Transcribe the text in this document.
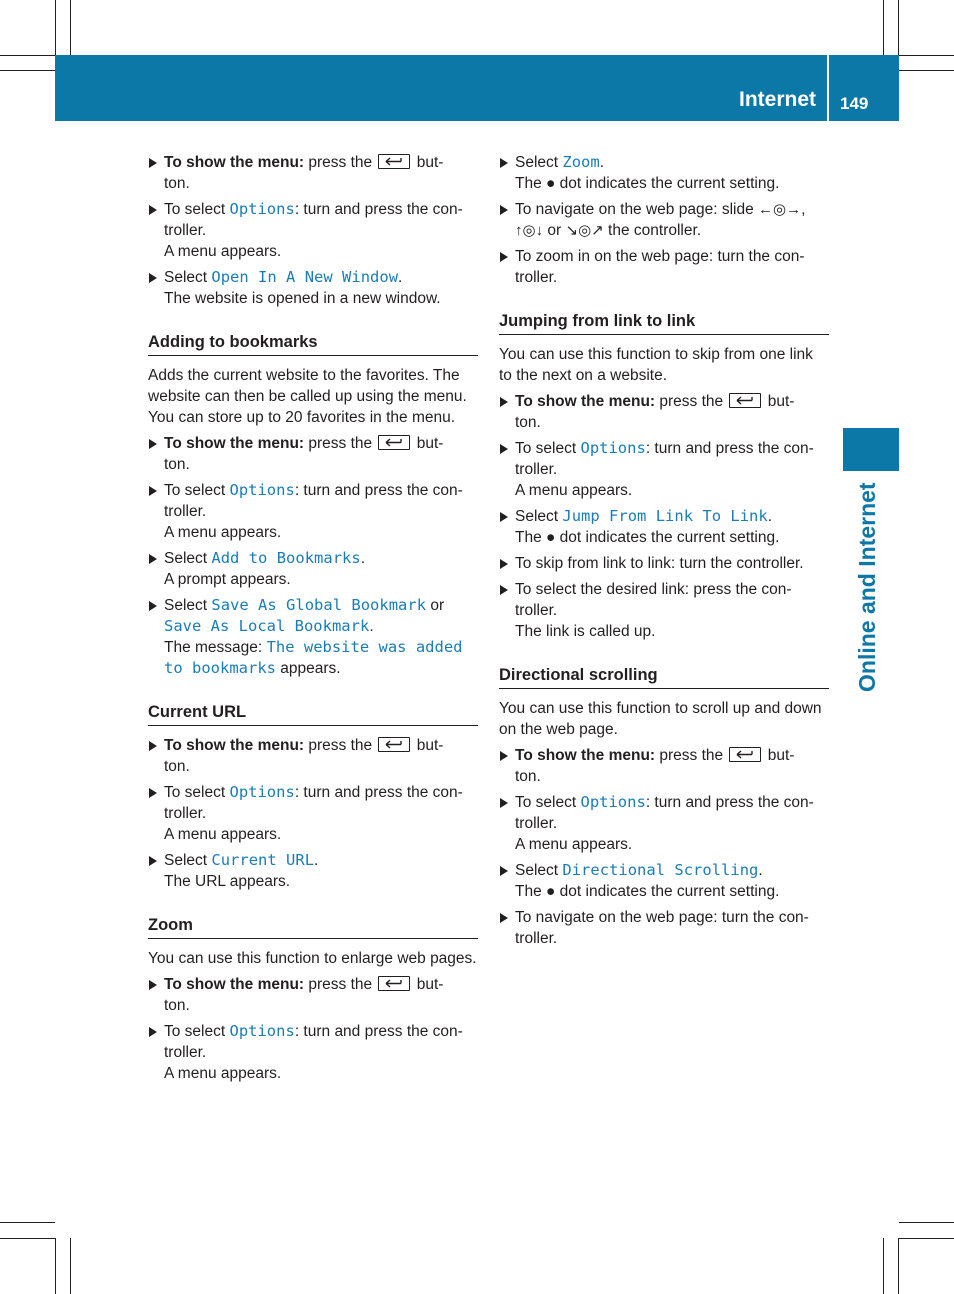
Internet 149
Online and Internet
To show the menu: press the
but-
ton.
To select Options: turn and press the con-
troller.
A menu appears.
Select Open In A New Window.
The website is opened in a new window.
Adding to bookmarks
Adds the current website to the favorites. The website can then be called up using the menu. You can store up to 20 favorites in the menu.
To show the menu: press the
but-
ton.
To select Options: turn and press the con-
troller.
A menu appears.
Select Add to Bookmarks.
A prompt appears.
Select Save As Global Bookmark or
Save As Local Bookmark.
The message: The website was added
to bookmarks appears.
Current URL
To show the menu: press the
but-
ton.
To select Options: turn and press the con-
troller.
A menu appears.
Select Current URL.
The URL appears.
Zoom
You can use this function to enlarge web pages.
To show the menu: press the
but-
ton.
To select Options: turn and press the con-
troller.
A menu appears.
Select Zoom.
The ● dot indicates the current setting.
To navigate on the web page: slide ←◎→,
↑◎↓ or ↘◎↗ the controller.
To zoom in on the web page: turn the con-
troller.
Jumping from link to link
You can use this function to skip from one link to the next on a website.
To show the menu: press the
but-
ton.
To select Options: turn and press the con-
troller.
A menu appears.
Select Jump From Link To Link.
The ● dot indicates the current setting.
To skip from link to link: turn the controller.
To select the desired link: press the con-
troller.
The link is called up.
Directional scrolling
You can use this function to scroll up and down on the web page.
To show the menu: press the
but-
ton.
To select Options: turn and press the con-
troller.
A menu appears.
Select Directional Scrolling.
The ● dot indicates the current setting.
To navigate on the web page: turn the con-
troller.
